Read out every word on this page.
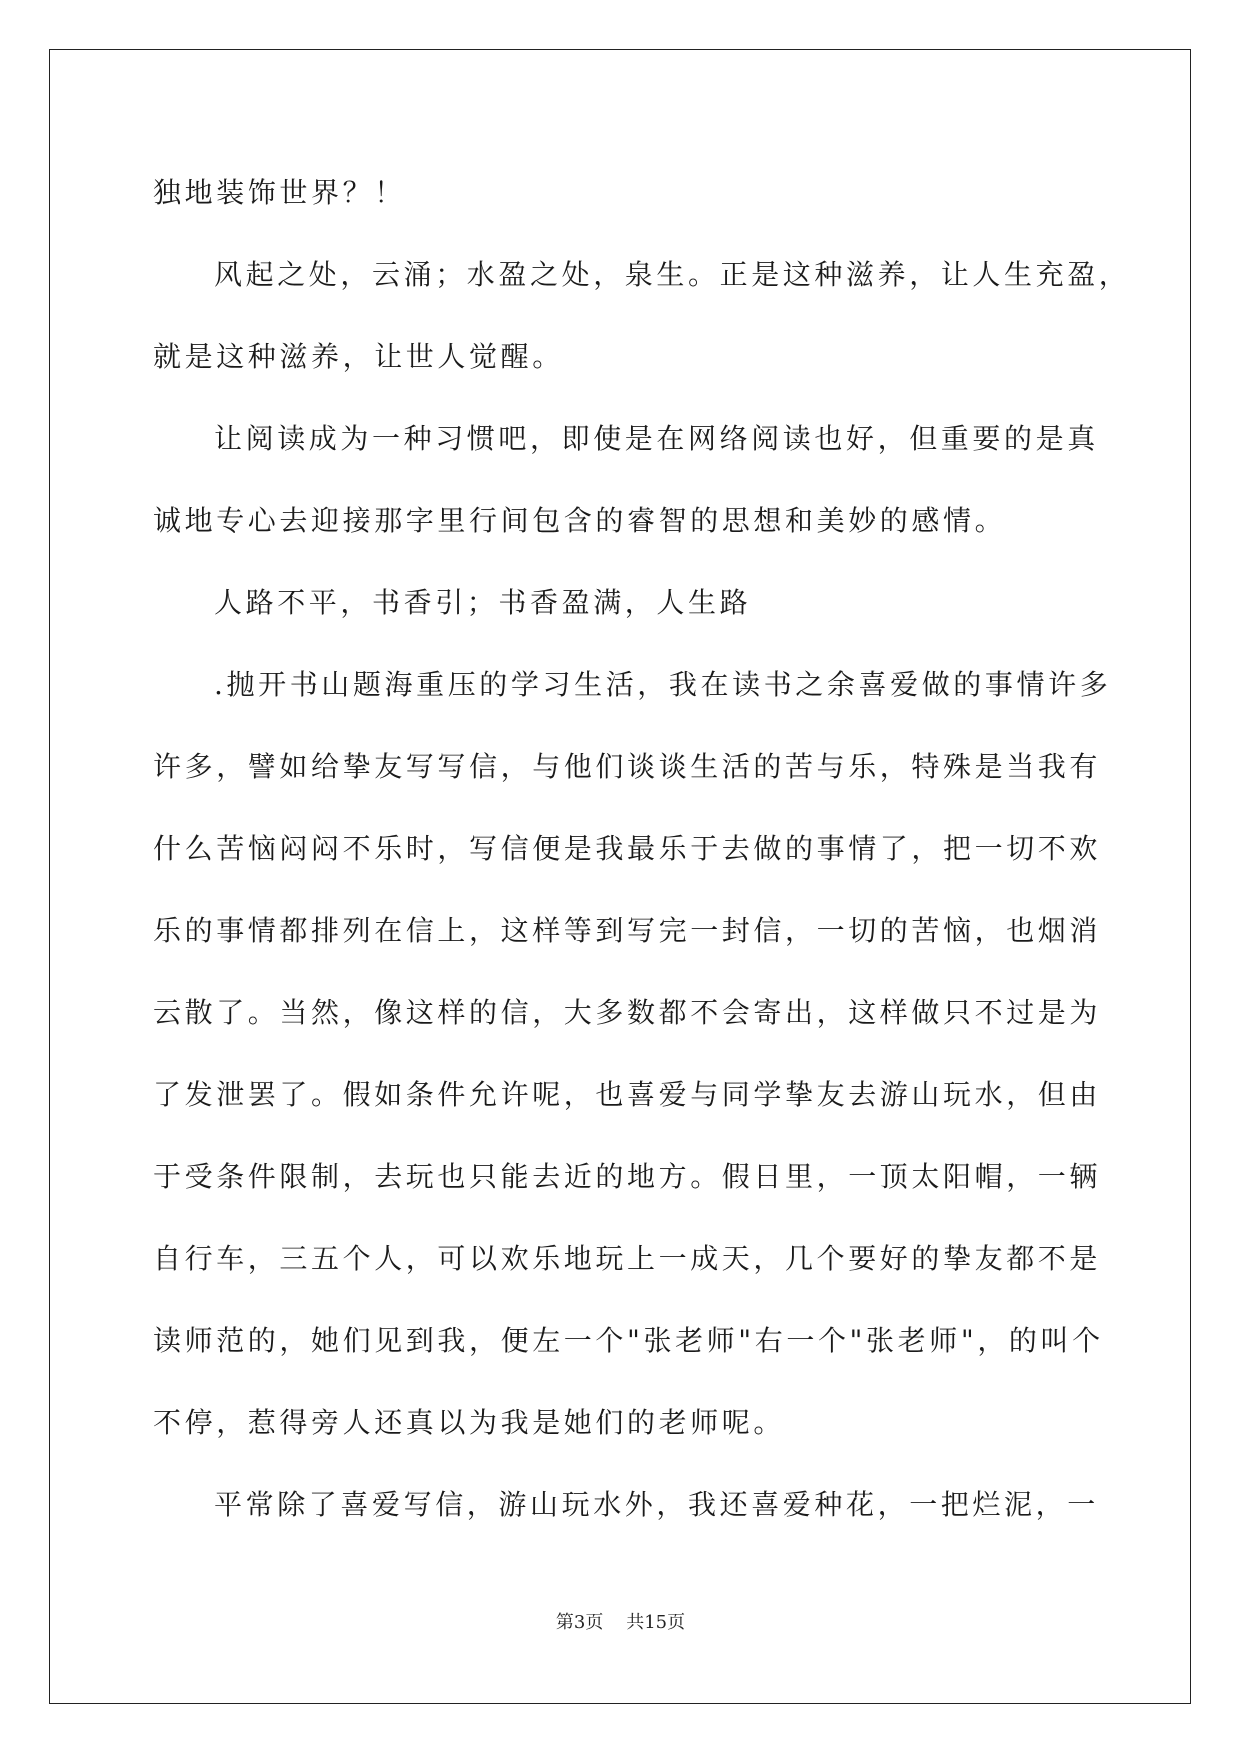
独地装饰世界？！
风起之处，云涌；水盈之处，泉生。正是这种滋养，让人生充盈，
就是这种滋养，让世人觉醒。
让阅读成为一种习惯吧，即使是在网络阅读也好，但重要的是真
诚地专心去迎接那字里行间包含的睿智的思想和美妙的感情。
人路不平，书香引；书香盈满，人生路
.抛开书山题海重压的学习生活，我在读书之余喜爱做的事情许多
许多，譬如给挚友写写信，与他们谈谈生活的苦与乐，特殊是当我有
什么苦恼闷闷不乐时，写信便是我最乐于去做的事情了，把一切不欢
乐的事情都排列在信上，这样等到写完一封信，一切的苦恼，也烟消
云散了。当然，像这样的信，大多数都不会寄出，这样做只不过是为
了发泄罢了。假如条件允许呢，也喜爱与同学挚友去游山玩水，但由
于受条件限制，去玩也只能去近的地方。假日里，一顶太阳帽，一辆
自行车，三五个人，可以欢乐地玩上一成天，几个要好的挚友都不是
读师范的，她们见到我，便左一个"张老师"右一个"张老师"，的叫个
不停，惹得旁人还真以为我是她们的老师呢。
平常除了喜爱写信，游山玩水外，我还喜爱种花，一把烂泥，一
第3页 共15页
